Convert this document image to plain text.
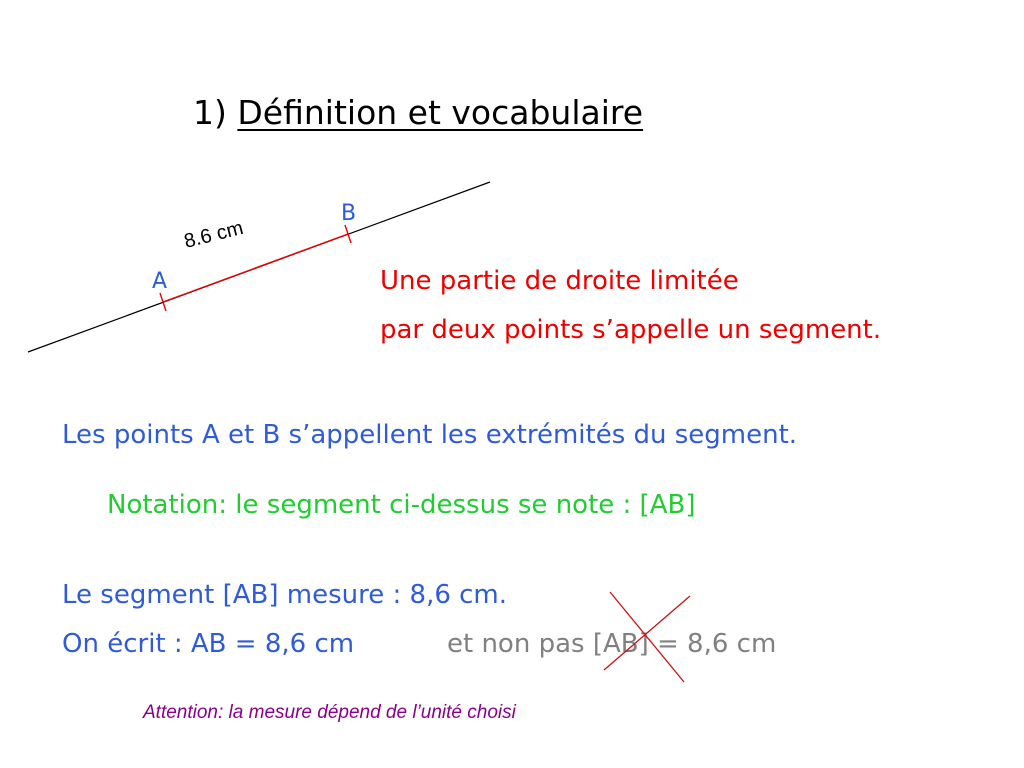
1) Définition et vocabulaire
A
B
8.6 cm

Une partie de droite limitée

par deux points s’appelle un segment.

Les points A et B s’appellent les extrémités du segment.

Notation: le segment ci-dessus se note : [AB]

Le segment [AB] mesure : 8,6 cm.

On écrit : AB = 8,6 cm	et non pas [AB] = 8,6 cm

Attention: la mesure dépend de l’unité choisi
